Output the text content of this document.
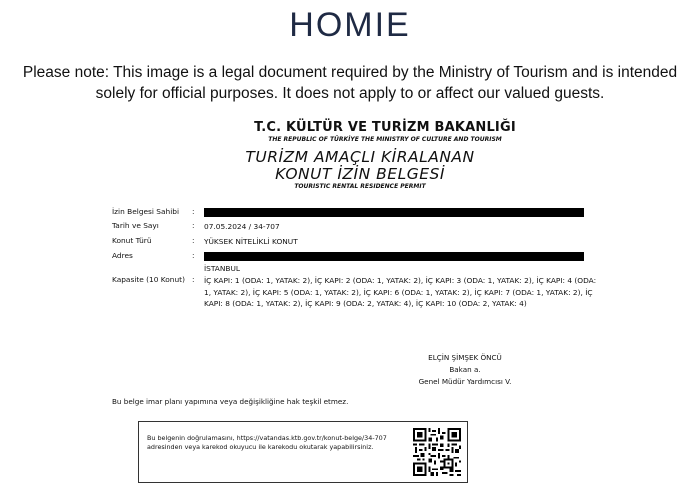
HOMIE
Please note: This image is a legal document required by the Ministry of Tourism and is intended solely for official purposes. It does not apply to or affect our valued guests.
T.C. KÜLTÜR VE TURİZM BAKANLIĞI
THE REPUBLIC OF TÜRKİYE THE MINISTRY OF CULTURE AND TOURISM
TURİZM AMAÇLI KİRALANAN
KONUT İZİN BELGESİ
TOURISTIC RENTAL RESIDENCE PERMIT
İzin Belgesi Sahibi	:
Tarih ve Sayı	: 07.05.2024 / 34-707
Konut Türü	: YÜKSEK NİTELİKLİ KONUT
Adres	:
İSTANBUL
Kapasite (10 Konut) : İÇ KAPI: 1 (ODA: 1, YATAK: 2), İÇ KAPI: 2 (ODA: 1, YATAK: 2), İÇ KAPI: 3 (ODA: 1, YATAK: 2), İÇ KAPI: 4 (ODA: 1, YATAK: 2), İÇ KAPI: 5 (ODA: 1, YATAK: 2), İÇ KAPI: 6 (ODA: 1, YATAK: 2), İÇ KAPI: 7 (ODA: 1, YATAK: 2), İÇ KAPI: 8 (ODA: 1, YATAK: 2), İÇ KAPI: 9 (ODA: 2, YATAK: 4), İÇ KAPI: 10 (ODA: 2, YATAK: 4)
ELÇİN ŞİMŞEK ÖNCÜ
Bakan a.
Genel Müdür Yardımcısı V.
Bu belge imar planı yapımına veya değişikliğine hak teşkil etmez.
Bu belgenin doğrulamasını, https://vatandas.ktb.gov.tr/konut-belge/34-707 adresinden veya karekod okuyucu ile karekodu okutarak yapabilirsiniz.
